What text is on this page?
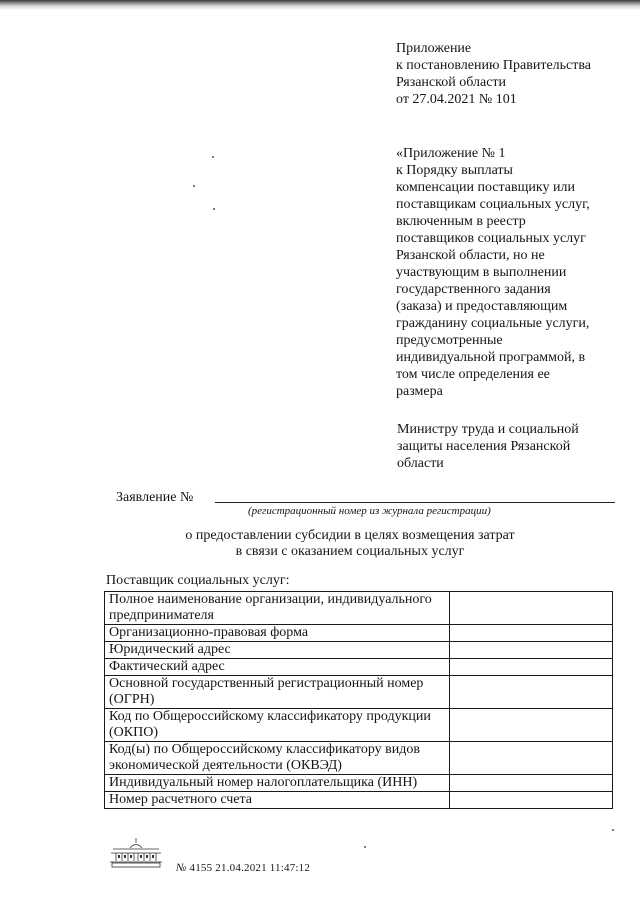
Приложение
к постановлению Правительства
Рязанской области
от 27.04.2021 № 101
«Приложение № 1
к Порядку выплаты
компенсации поставщику или
поставщикам социальных услуг,
включенным в реестр
поставщиков социальных услуг
Рязанской области, но не
участвующим в выполнении
государственного задания
(заказа) и предоставляющим
гражданину социальные услуги,
предусмотренные
индивидуальной программой, в
том числе определения ее
размера
Министру труда и социальной
защиты населения Рязанской
области
Заявление №
(регистрационный номер из журнала регистрации)
о предоставлении субсидии в целях возмещения затрат
в связи с оказанием социальных услуг
Поставщик социальных услуг:
Полное наименование организации, индивидуального предпринимателя	
Организационно-правовая форма	
Юридический адрес	
Фактический адрес	
Основной государственный регистрационный номер (ОГРН)	
Код по Общероссийскому классификатору продукции (ОКПО)	
Код(ы) по Общероссийскому классификатору видов экономической деятельности (ОКВЭД)	
Индивидуальный номер налогоплательщика (ИНН)	
Номер расчетного счета	
№ 4155 21.04.2021 11:47:12
